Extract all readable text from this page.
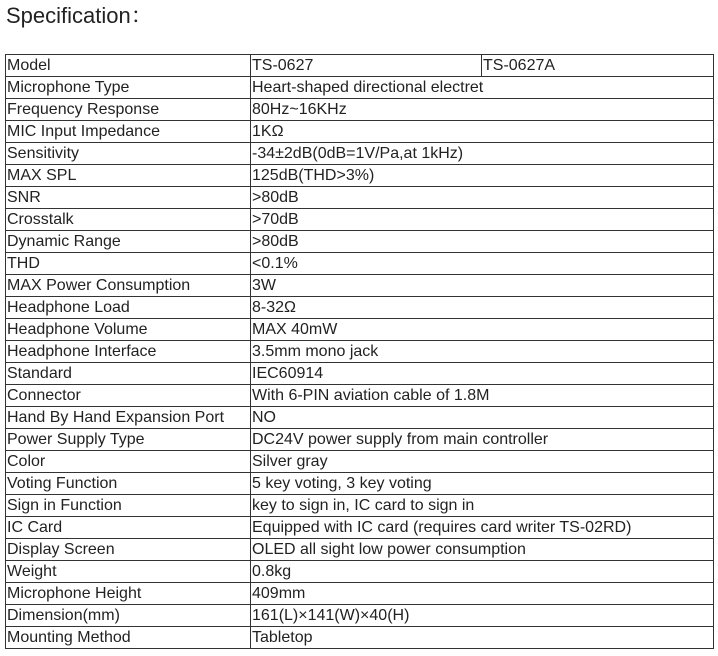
Specification：
Model	TS-0627	TS-0627A
Microphone Type	Heart-shaped directional electret	
Frequency Response	80Hz~16KHz	
MIC Input Impedance	1KΩ	
Sensitivity	-34±2dB(0dB=1V/Pa,at 1kHz)	
MAX SPL	125dB(THD>3%)	
SNR	>80dB	
Crosstalk	>70dB	
Dynamic Range	>80dB	
THD	<0.1%	
MAX Power Consumption	3W	
Headphone Load	8-32Ω	
Headphone Volume	MAX 40mW	
Headphone Interface	3.5mm mono jack	
Standard	IEC60914	
Connector	With 6-PIN aviation cable of 1.8M	
Hand By Hand Expansion Port	NO	
Power Supply Type	DC24V power supply from main controller	
Color	Silver gray	
Voting Function	5 key voting, 3 key voting	
Sign in Function	key to sign in, IC card to sign in	
IC Card	Equipped with IC card (requires card writer TS-02RD)	
Display Screen	OLED all sight low power consumption	
Weight	0.8kg	
Microphone Height	409mm	
Dimension(mm)	161(L)×141(W)×40(H)	
Mounting Method	Tabletop	
